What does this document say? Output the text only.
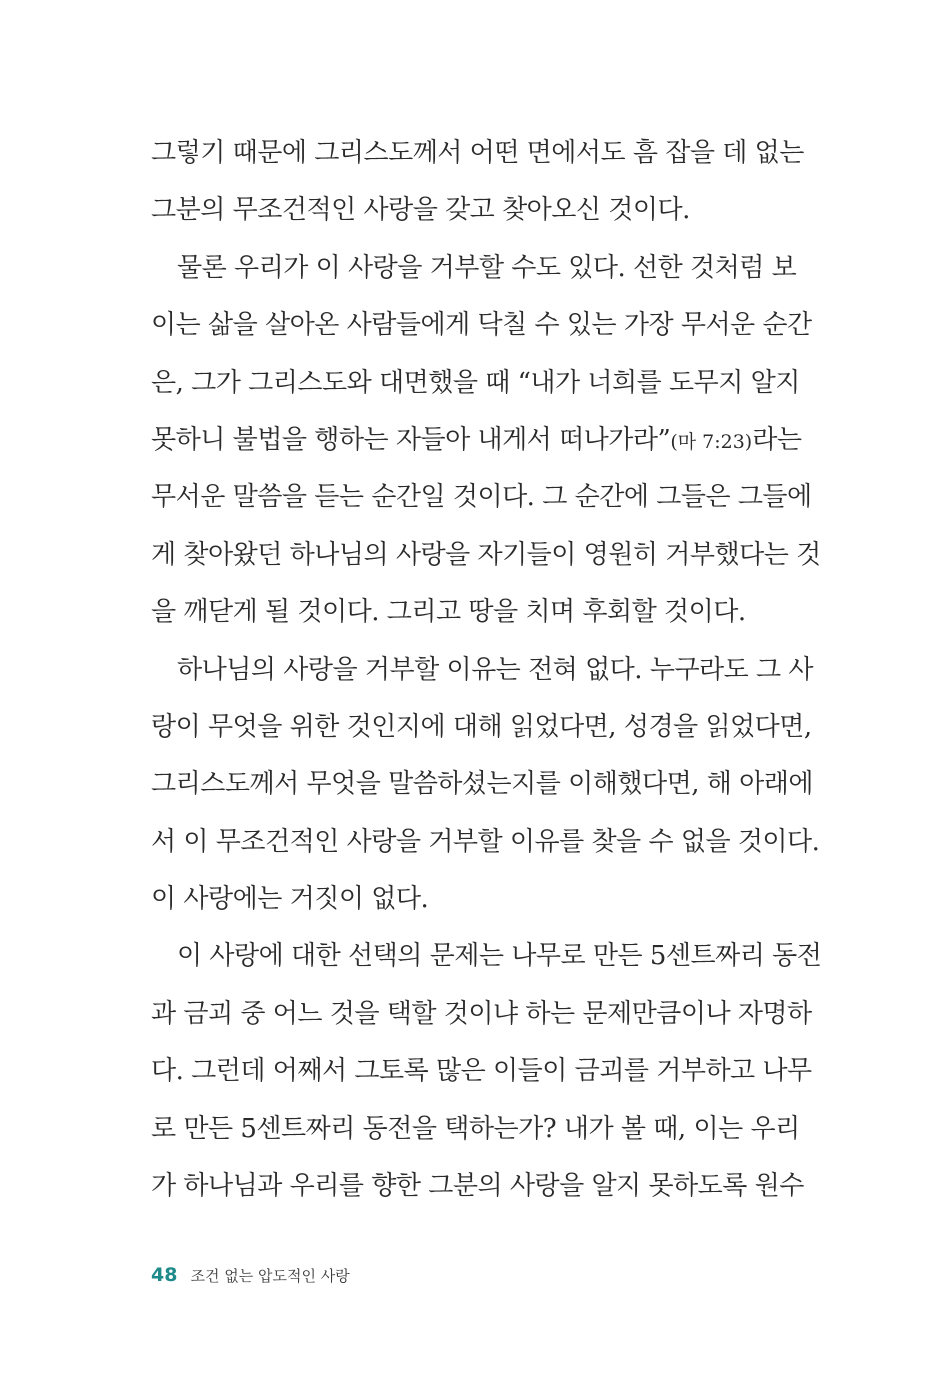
그렇기 때문에 그리스도께서 어떤 면에서도 흠 잡을 데 없는
그분의 무조건적인 사랑을 갖고 찾아오신 것이다.
물론 우리가 이 사랑을 거부할 수도 있다. 선한 것처럼 보
이는 삶을 살아온 사람들에게 닥칠 수 있는 가장 무서운 순간
은, 그가 그리스도와 대면했을 때 “내가 너희를 도무지 알지
못하니 불법을 행하는 자들아 내게서 떠나가라”(마 7:23)라는
무서운 말씀을 듣는 순간일 것이다. 그 순간에 그들은 그들에
게 찾아왔던 하나님의 사랑을 자기들이 영원히 거부했다는 것
을 깨닫게 될 것이다. 그리고 땅을 치며 후회할 것이다.
하나님의 사랑을 거부할 이유는 전혀 없다. 누구라도 그 사
랑이 무엇을 위한 것인지에 대해 읽었다면, 성경을 읽었다면,
그리스도께서 무엇을 말씀하셨는지를 이해했다면, 해 아래에
서 이 무조건적인 사랑을 거부할 이유를 찾을 수 없을 것이다.
이 사랑에는 거짓이 없다.
이 사랑에 대한 선택의 문제는 나무로 만든 5센트짜리 동전
과 금괴 중 어느 것을 택할 것이냐 하는 문제만큼이나 자명하
다. 그런데 어째서 그토록 많은 이들이 금괴를 거부하고 나무
로 만든 5센트짜리 동전을 택하는가? 내가 볼 때, 이는 우리
가 하나님과 우리를 향한 그분의 사랑을 알지 못하도록 원수
48 조건 없는 압도적인 사랑
